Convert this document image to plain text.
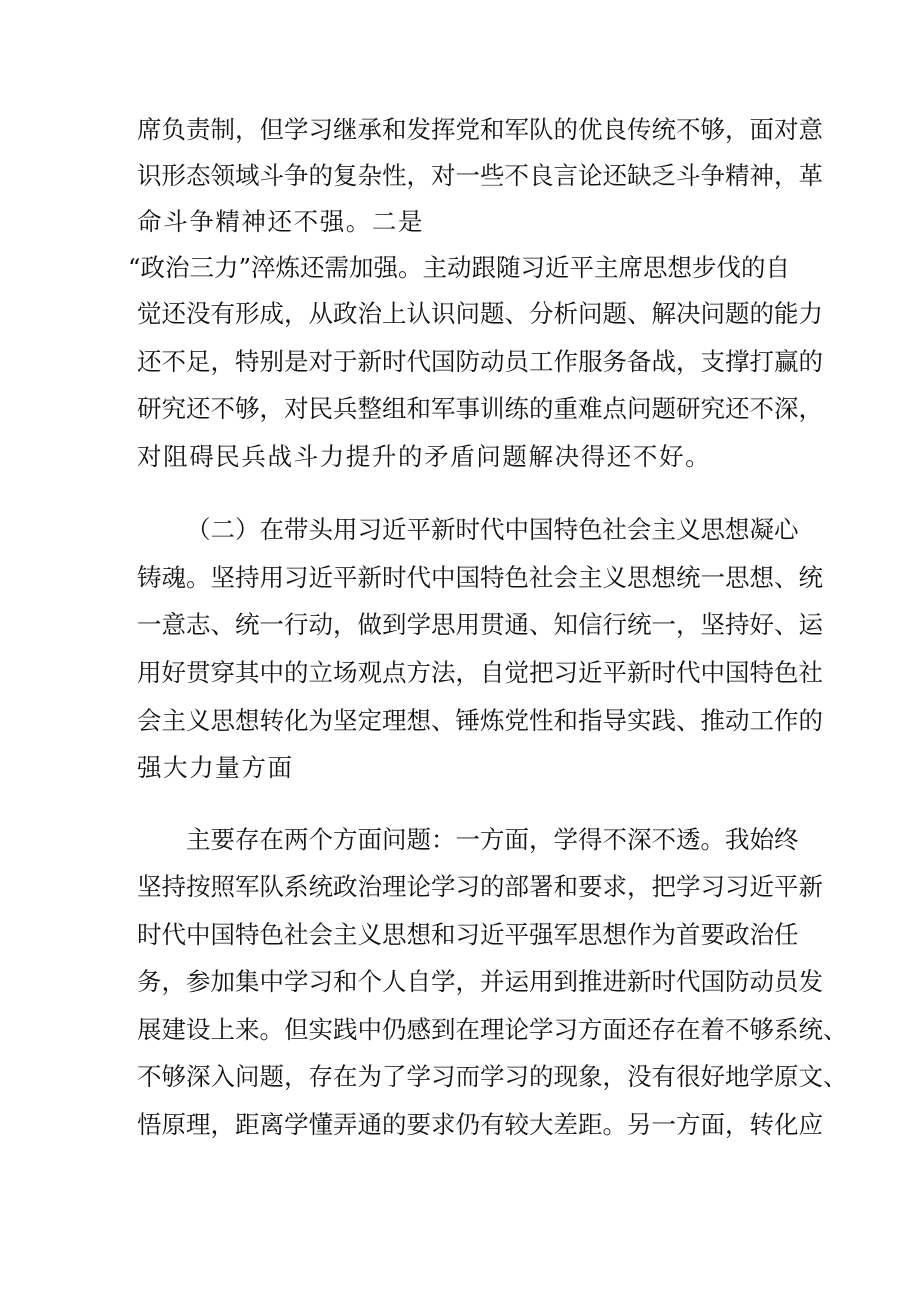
席负责制，但学习继承和发挥党和军队的优良传统不够，面对意
识形态领域斗争的复杂性，对一些不良言论还缺乏斗争精神，革
命斗争精神还不强。二是
“政治三力”淬炼还需加强。主动跟随习近平主席思想步伐的自
觉还没有形成，从政治上认识问题、分析问题、解决问题的能力
还不足，特别是对于新时代国防动员工作服务备战，支撑打赢的
研究还不够，对民兵整组和军事训练的重难点问题研究还不深，
对阻碍民兵战斗力提升的矛盾问题解决得还不好。
（二）在带头用习近平新时代中国特色社会主义思想凝心
铸魂。坚持用习近平新时代中国特色社会主义思想统一思想、统
一意志、统一行动，做到学思用贯通、知信行统一，坚持好、运
用好贯穿其中的立场观点方法，自觉把习近平新时代中国特色社
会主义思想转化为坚定理想、锤炼党性和指导实践、推动工作的
强大力量方面
主要存在两个方面问题：一方面，学得不深不透。我始终
坚持按照军队系统政治理论学习的部署和要求，把学习习近平新
时代中国特色社会主义思想和习近平强军思想作为首要政治任
务，参加集中学习和个人自学，并运用到推进新时代国防动员发
展建设上来。但实践中仍感到在理论学习方面还存在着不够系统、
不够深入问题，存在为了学习而学习的现象，没有很好地学原文、
悟原理，距离学懂弄通的要求仍有较大差距。另一方面，转化应
